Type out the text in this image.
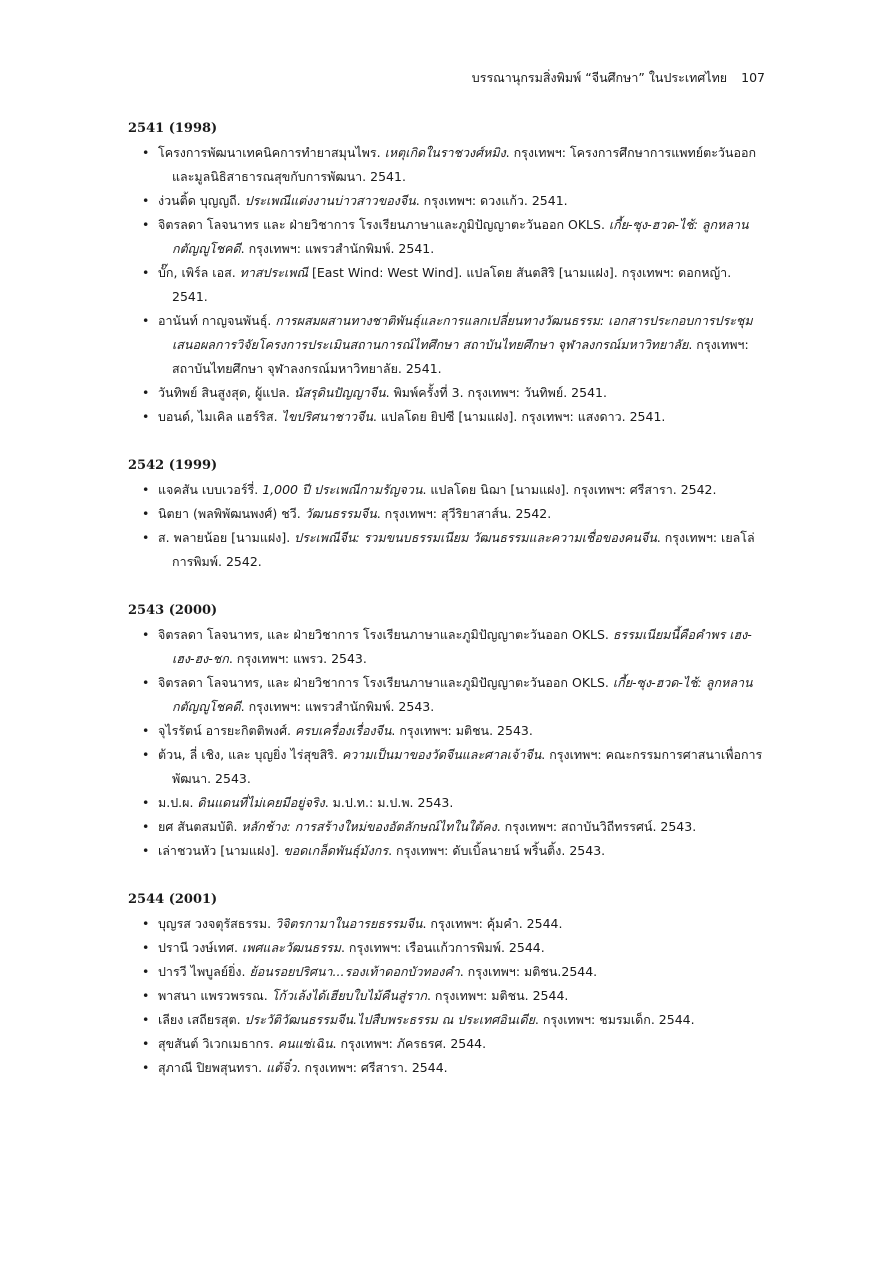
บรรณานุกรมสิ่งพิมพ์ “จีนศึกษา” ในประเทศไทย 107
2541 (1998)
• โครงการพัฒนาเทคนิคการทำยาสมุนไพร. เหตุเกิดในราชวงศ์หมิง. กรุงเทพฯ: โครงการศึกษาการแพทย์ตะวันออก และมูลนิธิสาธารณสุขกับการพัฒนา. 2541.
• ง่วนติ้ด บุญญถี. ประเพณีแต่งงานบ่าวสาวของจีน. กรุงเทพฯ: ดวงแก้ว. 2541.
• จิตรลดา โลจนาทร และ ฝ่ายวิชาการ โรงเรียนภาษาและภูมิปัญญาตะวันออก OKLS. เกี้ย-ซุง-ฮวด-ไช้: ลูกหลานกตัญญูโชคดี. กรุงเทพฯ: แพรวสำนักพิมพ์. 2541.
• บั๊ก, เพิร์ล เอส. ทาสประเพณี [East Wind: West Wind]. แปลโดย สันตสิริ [นามแฝง]. กรุงเทพฯ: ดอกหญ้า. 2541.
• อานันท์ กาญจนพันธุ์. การผสมผสานทางชาติพันธุ์และการแลกเปลี่ยนทางวัฒนธรรม: เอกสารประกอบการประชุมเสนอผลการวิจัยโครงการประเมินสถานการณ์ไทศึกษา สถาบันไทยศึกษา จุฬาลงกรณ์มหาวิทยาลัย. กรุงเทพฯ: สถาบันไทยศึกษา จุฬาลงกรณ์มหาวิทยาลัย. 2541.
• วันทิพย์ สินสูงสุด, ผู้แปล. นัสรุดินปัญญาจีน. พิมพ์ครั้งที่ 3. กรุงเทพฯ: วันทิพย์. 2541.
• บอนด์, ไมเคิล แฮร์ริส. ไขปริศนาชาวจีน. แปลโดย ยิปซี [นามแฝง]. กรุงเทพฯ: แสงดาว. 2541.
2542 (1999)
• แจคสัน เบบเวอร์รี่. 1,000 ปี ประเพณีกามรัญจวน. แปลโดย นิฌา [นามแฝง]. กรุงเทพฯ: ศรีสารา. 2542.
• นิตยา (พลพิพัฒนพงศ์) ชวี. วัฒนธรรมจีน. กรุงเทพฯ: สุวีริยาสาส์น. 2542.
• ส. พลายน้อย [นามแฝง]. ประเพณีจีน: รวมขนบธรรมเนียม วัฒนธรรมและความเชื่อของคนจีน. กรุงเทพฯ: เยลโล่การพิมพ์. 2542.
2543 (2000)
• จิตรลดา โลจนาทร, และ ฝ่ายวิชาการ โรงเรียนภาษาและภูมิปัญญาตะวันออก OKLS. ธรรมเนียมนี้คือคำพร เฮง-เฮง-ฮง-ชก. กรุงเทพฯ: แพรว. 2543.
• จิตรลดา โลจนาทร, และ ฝ่ายวิชาการ โรงเรียนภาษาและภูมิปัญญาตะวันออก OKLS. เกี้ย-ซุง-ฮวด-ไช้: ลูกหลานกตัญญูโชคดี. กรุงเทพฯ: แพรวสำนักพิมพ์. 2543.
• จุไรรัตน์ อารยะกิตติพงศ์. ครบเครื่องเรื่องจีน. กรุงเทพฯ: มติชน. 2543.
• ต้วน, ลี่ เชิง, และ บุญยิ่ง ไร่สุขสิริ. ความเป็นมาของวัดจีนและศาลเจ้าจีน. กรุงเทพฯ: คณะกรรมการศาสนาเพื่อการพัฒนา. 2543.
• ม.ป.ผ. ดินแดนที่ไม่เคยมีอยู่จริง. ม.ป.ท.: ม.ป.พ. 2543.
• ยศ สันตสมบัติ. หลักช้าง: การสร้างใหม่ของอัตลักษณ์ไทในใต้คง. กรุงเทพฯ: สถาบันวิถีทรรศน์. 2543.
• เล่าชวนหัว [นามแฝง]. ขอดเกล็ดพันธุ์มังกร. กรุงเทพฯ: ดับเบิ้ลนายน์ พริ้นติ้ง. 2543.
2544 (2001)
• บุญรส วงจตุรัสธรรม. วิจิตรกามาในอารยธรรมจีน. กรุงเทพฯ: คุ้มคำ. 2544.
• ปรานี วงษ์เทศ. เพศและวัฒนธรรม. กรุงเทพฯ: เรือนแก้วการพิมพ์. 2544.
• ปารวี ไพบูลย์ยิ่ง. ย้อนรอยปริศนา...รองเท้าดอกบัวทองคำ. กรุงเทพฯ: มติชน.2544.
• พาสนา แพรวพรรณ. โก้วเล้งได้เฮียบใบไม้คืนสู่ราก. กรุงเทพฯ: มติชน. 2544.
• เลียง เสถียรสุต. ประวัติวัฒนธรรมจีน.ไปสืบพระธรรม ณ ประเทศอินเดีย. กรุงเทพฯ: ชมรมเด็ก. 2544.
• สุขสันต์ วิเวกเมธากร. คนแซ่เฉิน. กรุงเทพฯ: ภัครธรศ. 2544.
• สุภาณี ปิยพสุนทรา. แต้จิ๋ว. กรุงเทพฯ: ศรีสารา. 2544.
